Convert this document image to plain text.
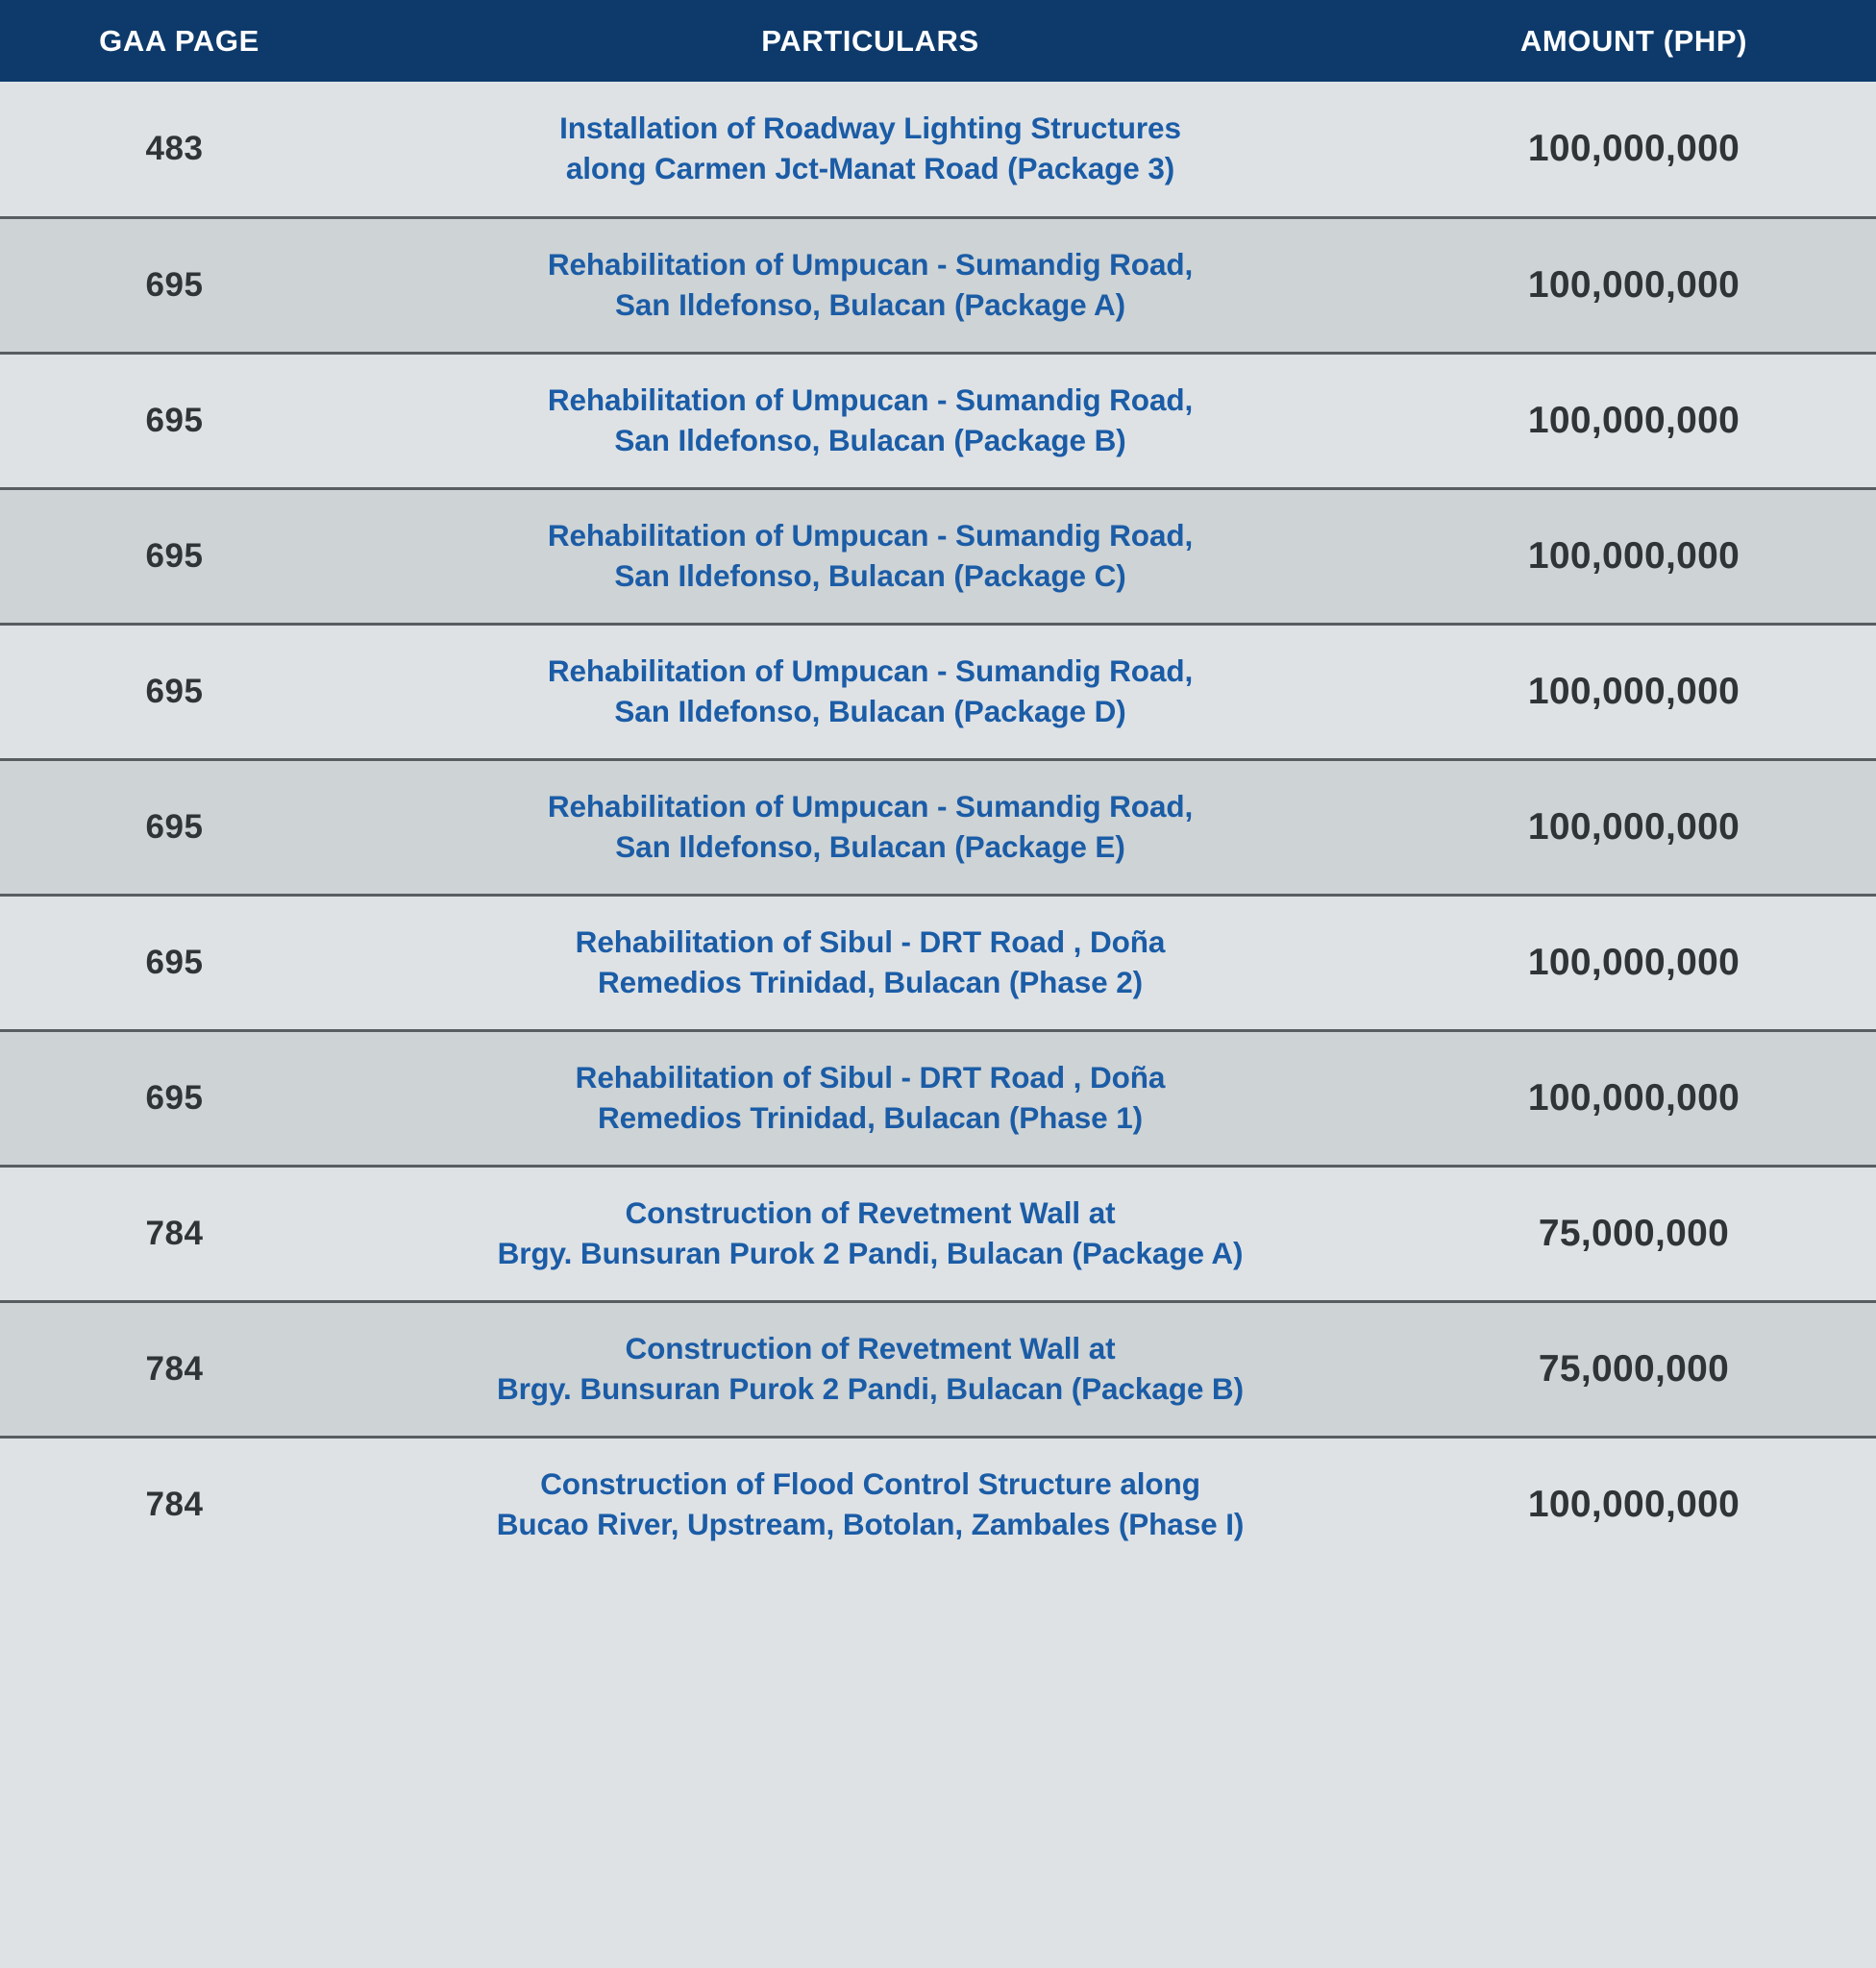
GAA PAGE	PARTICULARS	AMOUNT (PHP)
483	Installation of Roadway Lighting Structures
along Carmen Jct-Manat Road (Package 3)	100,000,000
695	Rehabilitation of Umpucan - Sumandig Road,
San Ildefonso, Bulacan (Package A)	100,000,000
695	Rehabilitation of Umpucan - Sumandig Road,
San Ildefonso, Bulacan (Package B)	100,000,000
695	Rehabilitation of Umpucan - Sumandig Road,
San Ildefonso, Bulacan (Package C)	100,000,000
695	Rehabilitation of Umpucan - Sumandig Road,
San Ildefonso, Bulacan (Package D)	100,000,000
695	Rehabilitation of Umpucan - Sumandig Road,
San Ildefonso, Bulacan (Package E)	100,000,000
695	Rehabilitation of Sibul - DRT Road , Doña
Remedios Trinidad, Bulacan (Phase 2)	100,000,000
695	Rehabilitation of Sibul - DRT Road , Doña
Remedios Trinidad, Bulacan (Phase 1)	100,000,000
784	Construction of Revetment Wall at
Brgy. Bunsuran Purok 2 Pandi, Bulacan (Package A)	75,000,000
784	Construction of Revetment Wall at
Brgy. Bunsuran Purok 2 Pandi, Bulacan (Package B)	75,000,000
784	Construction of Flood Control Structure along
Bucao River, Upstream, Botolan, Zambales (Phase I)	100,000,000
